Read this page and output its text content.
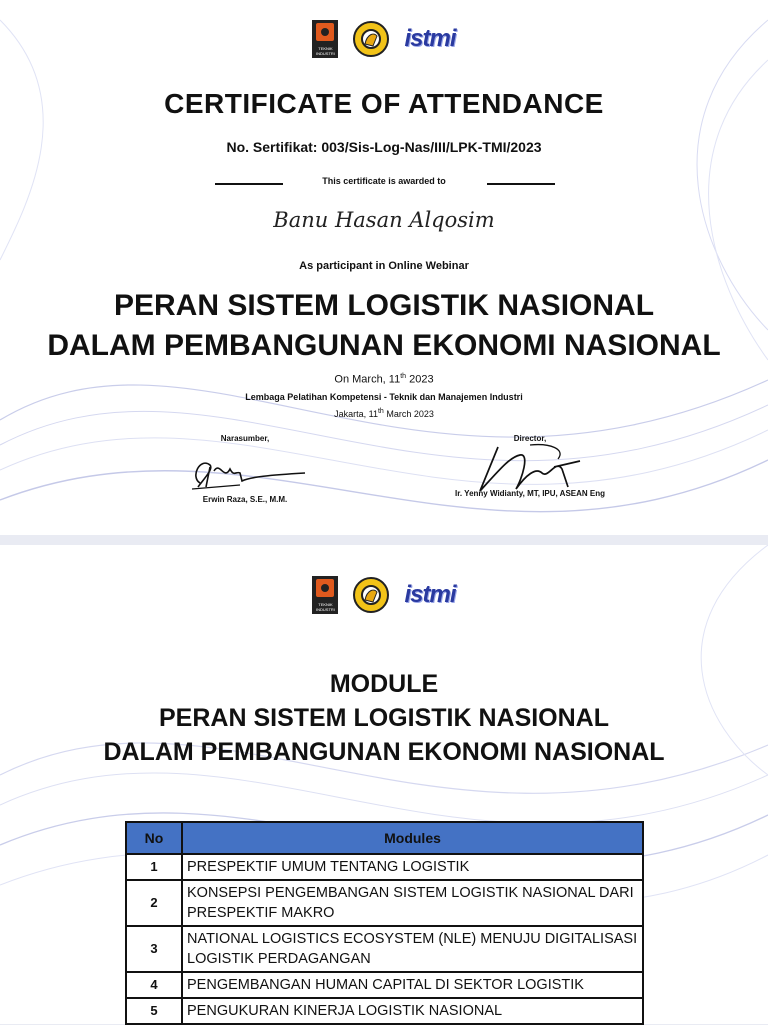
TEKNIK INDUSTRI
istmi
CERTIFICATE OF ATTENDANCE
No. Sertifikat: 003/Sis-Log-Nas/III/LPK-TMI/2023
This certificate is awarded to
Banu Hasan Alqosim
As participant in Online Webinar
PERAN SISTEM LOGISTIK NASIONAL
DALAM PEMBANGUNAN EKONOMI NASIONAL
On March, 11th 2023
Lembaga Pelatihan Kompetensi - Teknik dan Manajemen Industri
Jakarta, 11th March 2023
Narasumber,
Erwin Raza, S.E., M.M.
Director,
Ir. Yenny Widianty, MT, IPU, ASEAN Eng
TEKNIK INDUSTRI
istmi
MODULE
PERAN SISTEM LOGISTIK NASIONAL
DALAM PEMBANGUNAN EKONOMI NASIONAL
No	Modules
1	PRESPEKTIF UMUM TENTANG LOGISTIK
2	KONSEPSI PENGEMBANGAN SISTEM LOGISTIK NASIONAL DARI PRESPEKTIF MAKRO
3	NATIONAL LOGISTICS ECOSYSTEM (NLE) MENUJU DIGITALISASI LOGISTIK PERDAGANGAN
4	PENGEMBANGAN HUMAN CAPITAL DI SEKTOR LOGISTIK
5	PENGUKURAN KINERJA LOGISTIK NASIONAL
